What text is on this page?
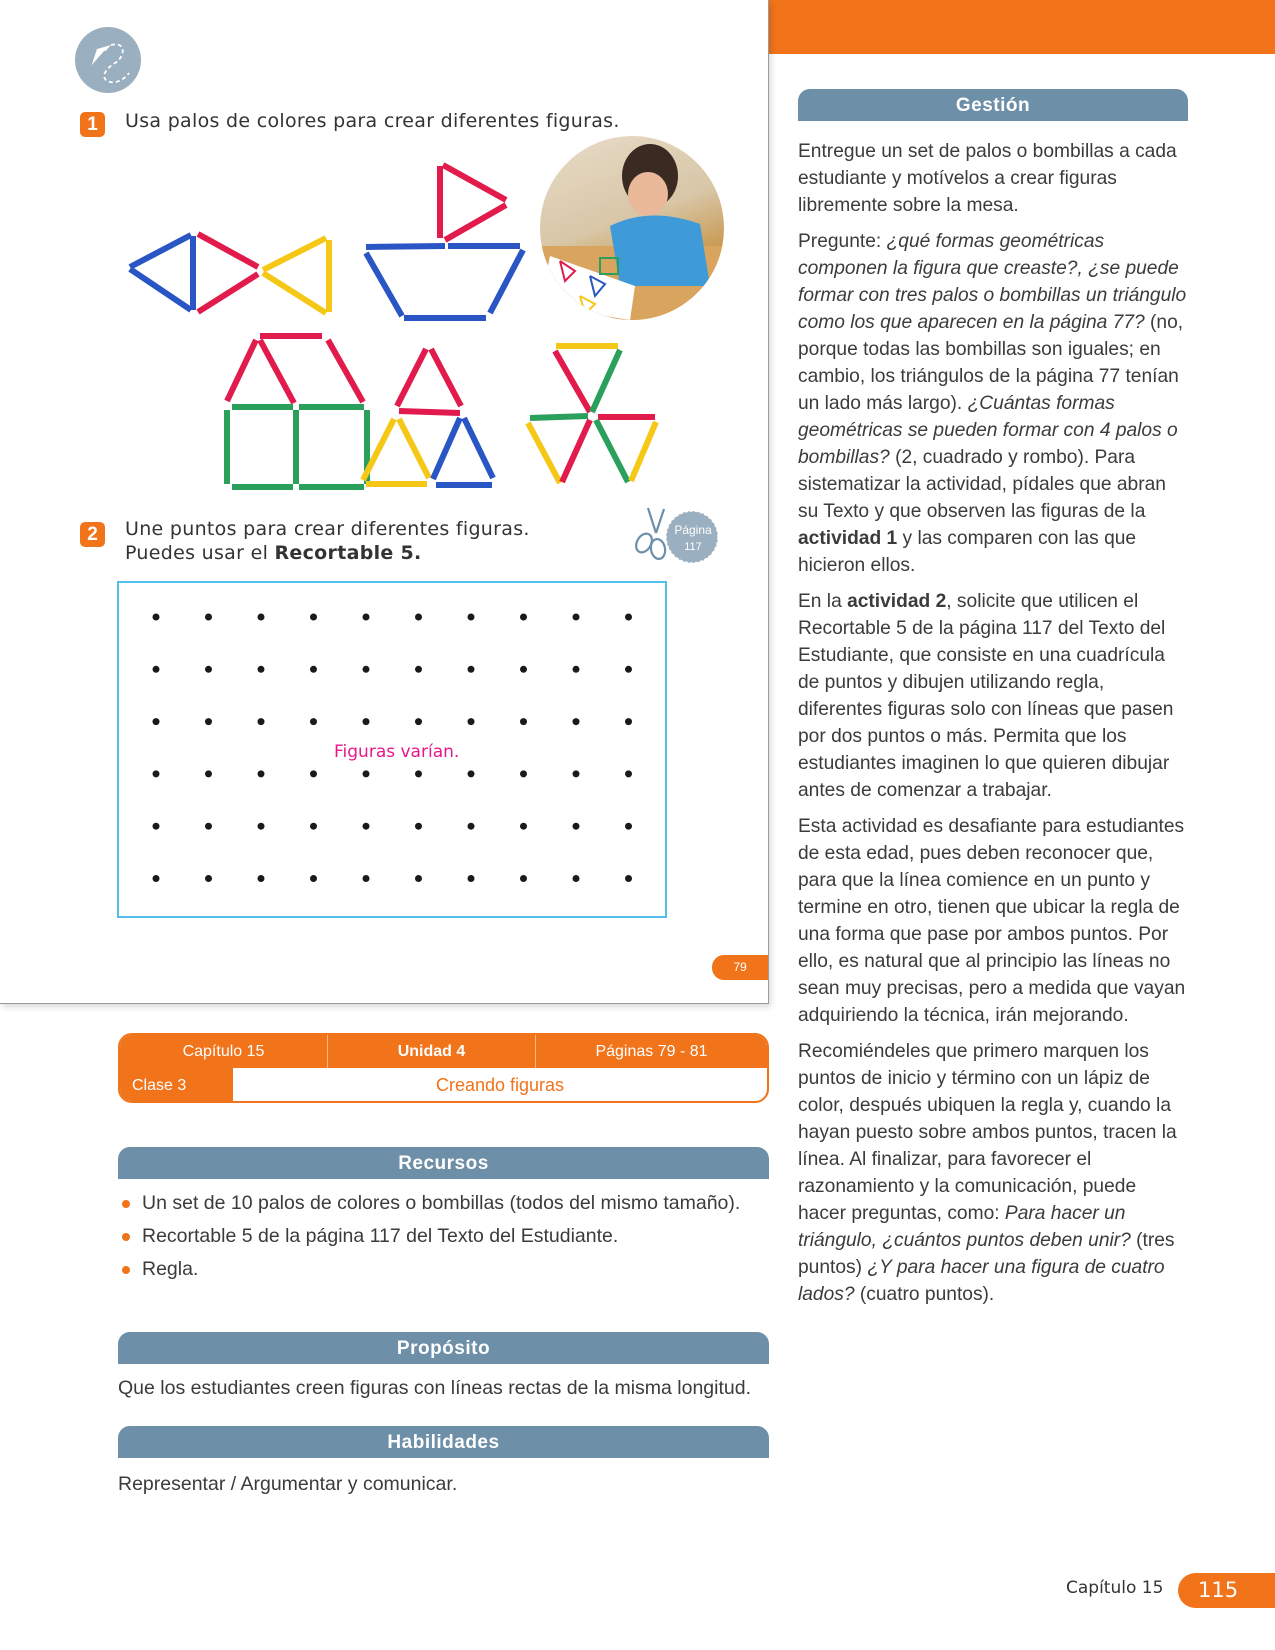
1	Usa palos de colores para crear diferentes figuras.
2	Une puntos para crear diferentes figuras.
Puedes usar el Recortable 5.
Página
117
Figuras varían.
79
Capítulo 15	Unidad 4	Páginas 79 - 81
Clase 3	Creando figuras
Recursos
Un set de 10 palos de colores o bombillas (todos del mismo tamaño).
Recortable 5 de la página 117 del Texto del Estudiante.
Regla.
Propósito
Que los estudiantes creen figuras con líneas rectas de la misma longitud.
Habilidades
Representar / Argumentar y comunicar.
Gestión

Entregue un set de palos o bombillas a cada estudiante y motívelos a crear figuras libremente sobre la mesa.

Pregunte: ¿qué formas geométricas componen la figura que creaste?, ¿se puede formar con tres palos o bombillas un triángulo como los que aparecen en la página 77? (no, porque todas las bombillas son iguales; en cambio, los triángulos de la página 77 tenían un lado más largo). ¿Cuántas formas geométricas se pueden formar con 4 palos o bombillas? (2, cuadrado y rombo). Para sistematizar la actividad, pídales que abran su Texto y que observen las figuras de la actividad 1 y las comparen con las que hicieron ellos.

En la actividad 2, solicite que utilicen el Recortable 5 de la página 117 del Texto del Estudiante, que consiste en una cuadrícula de puntos y dibujen utilizando regla, diferentes figuras solo con líneas que pasen por dos puntos o más. Permita que los estudiantes imaginen lo que quieren dibujar antes de comenzar a trabajar.

Esta actividad es desafiante para estudiantes de esta edad, pues deben reconocer que, para que la línea comience en un punto y termine en otro, tienen que ubicar la regla de una forma que pase por ambos puntos. Por ello, es natural que al principio las líneas no sean muy precisas, pero a medida que vayan adquiriendo la técnica, irán mejorando.

Recomiéndeles que primero marquen los puntos de inicio y término con un lápiz de color, después ubiquen la regla y, cuando la hayan puesto sobre ambos puntos, tracen la línea. Al finalizar, para favorecer el razonamiento y la comunicación, puede hacer preguntas, como: Para hacer un triángulo, ¿cuántos puntos deben unir? (tres puntos) ¿Y para hacer una figura de cuatro lados? (cuatro puntos).

Capítulo 15	115
